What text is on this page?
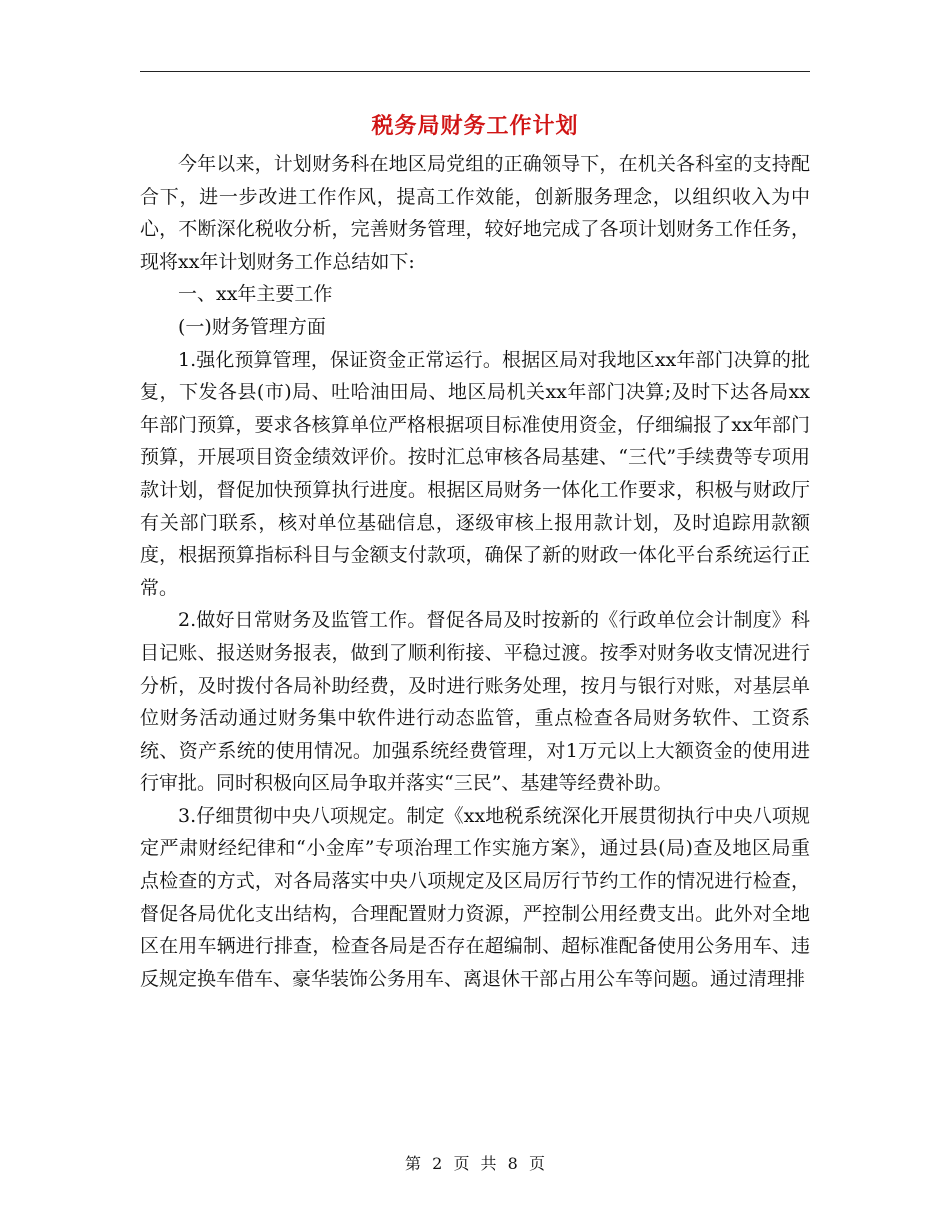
税务局财务工作计划

今年以来，计划财务科在地区局党组的正确领导下，在机关各科室的支持配合下，进一步改进工作作风，提高工作效能，创新服务理念，以组织收入为中心，不断深化税收分析，完善财务管理，较好地完成了各项计划财务工作任务，现将xx年计划财务工作总结如下:

一、xx年主要工作

(一)财务管理方面

1.强化预算管理，保证资金正常运行。根据区局对我地区xx年部门决算的批复，下发各县(市)局、吐哈油田局、地区局机关xx年部门决算;及时下达各局xx年部门预算，要求各核算单位严格根据项目标准使用资金，仔细编报了xx年部门预算，开展项目资金绩效评价。按时汇总审核各局基建、“三代”手续费等专项用款计划，督促加快预算执行进度。根据区局财务一体化工作要求，积极与财政厅有关部门联系，核对单位基础信息，逐级审核上报用款计划，及时追踪用款额度，根据预算指标科目与金额支付款项，确保了新的财政一体化平台系统运行正常。

2.做好日常财务及监管工作。督促各局及时按新的《行政单位会计制度》科目记账、报送财务报表，做到了顺利衔接、平稳过渡。按季对财务收支情况进行分析，及时拨付各局补助经费，及时进行账务处理，按月与银行对账，对基层单位财务活动通过财务集中软件进行动态监管，重点检查各局财务软件、工资系统、资产系统的使用情况。加强系统经费管理，对1万元以上大额资金的使用进行审批。同时积极向区局争取并落实“三民”、基建等经费补助。

3.仔细贯彻中央八项规定。制定《xx地税系统深化开展贯彻执行中央八项规定严肃财经纪律和“小金库”专项治理工作实施方案》，通过县(局)查及地区局重点检查的方式，对各局落实中央八项规定及区局厉行节约工作的情况进行检查，督促各局优化支出结构，合理配置财力资源，严控制公用经费支出。此外对全地区在用车辆进行排查，检查各局是否存在超编制、超标准配备使用公务用车、违反规定换车借车、豪华装饰公务用车、离退休干部占用公车等问题。通过清理排

第 2 页 共 8 页
